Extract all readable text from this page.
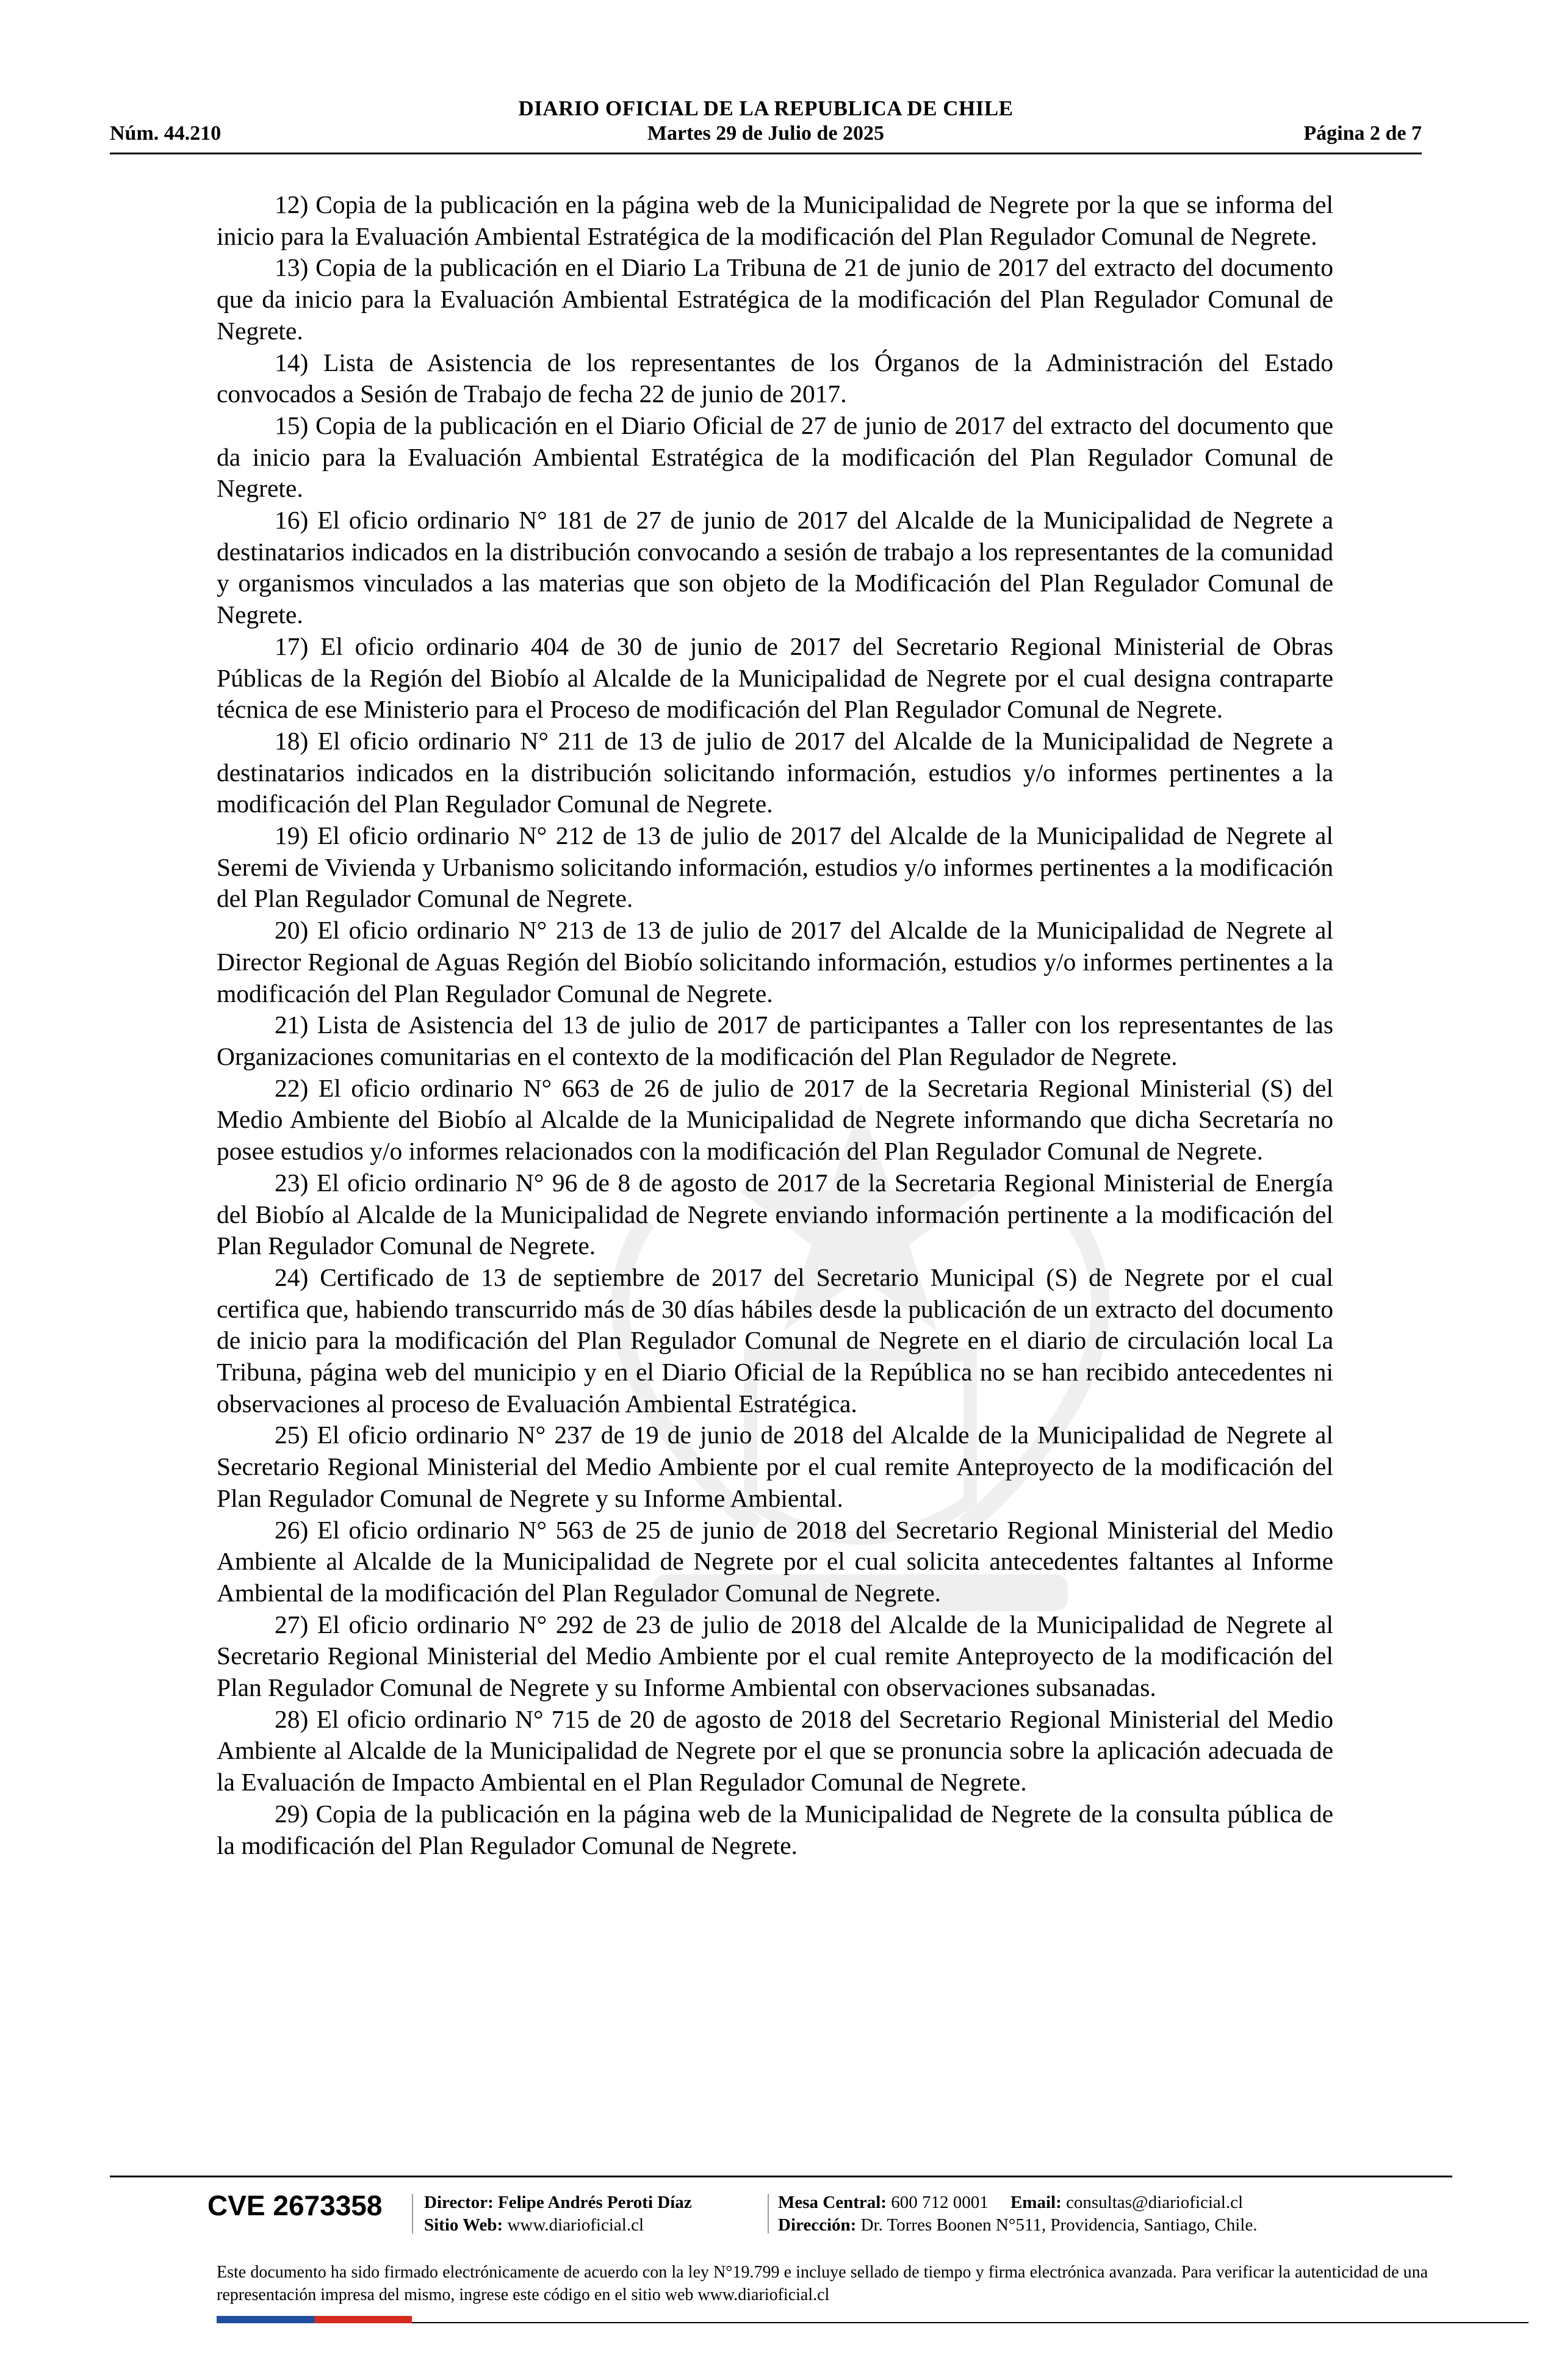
DIARIO OFICIAL DE LA REPUBLICA DE CHILE
Núm. 44.210	Página 2 de 7
Martes 29 de Julio de 2025

12) Copia de la publicación en la página web de la Municipalidad de Negrete por la que se informa del inicio para la Evaluación Ambiental Estratégica de la modificación del Plan Regulador Comunal de Negrete.

13) Copia de la publicación en el Diario La Tribuna de 21 de junio de 2017 del extracto del documento que da inicio para la Evaluación Ambiental Estratégica de la modificación del Plan Regulador Comunal de Negrete.

14) Lista de Asistencia de los representantes de los Órganos de la Administración del Estado convocados a Sesión de Trabajo de fecha 22 de junio de 2017.

15) Copia de la publicación en el Diario Oficial de 27 de junio de 2017 del extracto del documento que da inicio para la Evaluación Ambiental Estratégica de la modificación del Plan Regulador Comunal de Negrete.

16) El oficio ordinario N° 181 de 27 de junio de 2017 del Alcalde de la Municipalidad de Negrete a destinatarios indicados en la distribución convocando a sesión de trabajo a los representantes de la comunidad y organismos vinculados a las materias que son objeto de la Modificación del Plan Regulador Comunal de Negrete.

17) El oficio ordinario 404 de 30 de junio de 2017 del Secretario Regional Ministerial de Obras Públicas de la Región del Biobío al Alcalde de la Municipalidad de Negrete por el cual designa contraparte técnica de ese Ministerio para el Proceso de modificación del Plan Regulador Comunal de Negrete.

18) El oficio ordinario N° 211 de 13 de julio de 2017 del Alcalde de la Municipalidad de Negrete a destinatarios indicados en la distribución solicitando información, estudios y/o informes pertinentes a la modificación del Plan Regulador Comunal de Negrete.

19) El oficio ordinario N° 212 de 13 de julio de 2017 del Alcalde de la Municipalidad de Negrete al Seremi de Vivienda y Urbanismo solicitando información, estudios y/o informes pertinentes a la modificación del Plan Regulador Comunal de Negrete.

20) El oficio ordinario N° 213 de 13 de julio de 2017 del Alcalde de la Municipalidad de Negrete al Director Regional de Aguas Región del Biobío solicitando información, estudios y/o informes pertinentes a la modificación del Plan Regulador Comunal de Negrete.

21) Lista de Asistencia del 13 de julio de 2017 de participantes a Taller con los representantes de las Organizaciones comunitarias en el contexto de la modificación del Plan Regulador de Negrete.

22) El oficio ordinario N° 663 de 26 de julio de 2017 de la Secretaria Regional Ministerial (S) del Medio Ambiente del Biobío al Alcalde de la Municipalidad de Negrete informando que dicha Secretaría no posee estudios y/o informes relacionados con la modificación del Plan Regulador Comunal de Negrete.

23) El oficio ordinario N° 96 de 8 de agosto de 2017 de la Secretaria Regional Ministerial de Energía del Biobío al Alcalde de la Municipalidad de Negrete enviando información pertinente a la modificación del Plan Regulador Comunal de Negrete.

24) Certificado de 13 de septiembre de 2017 del Secretario Municipal (S) de Negrete por el cual certifica que, habiendo transcurrido más de 30 días hábiles desde la publicación de un extracto del documento de inicio para la modificación del Plan Regulador Comunal de Negrete en el diario de circulación local La Tribuna, página web del municipio y en el Diario Oficial de la República no se han recibido antecedentes ni observaciones al proceso de Evaluación Ambiental Estratégica.

25) El oficio ordinario N° 237 de 19 de junio de 2018 del Alcalde de la Municipalidad de Negrete al Secretario Regional Ministerial del Medio Ambiente por el cual remite Anteproyecto de la modificación del Plan Regulador Comunal de Negrete y su Informe Ambiental.

26) El oficio ordinario N° 563 de 25 de junio de 2018 del Secretario Regional Ministerial del Medio Ambiente al Alcalde de la Municipalidad de Negrete por el cual solicita antecedentes faltantes al Informe Ambiental de la modificación del Plan Regulador Comunal de Negrete.

27) El oficio ordinario N° 292 de 23 de julio de 2018 del Alcalde de la Municipalidad de Negrete al Secretario Regional Ministerial del Medio Ambiente por el cual remite Anteproyecto de la modificación del Plan Regulador Comunal de Negrete y su Informe Ambiental con observaciones subsanadas.

28) El oficio ordinario N° 715 de 20 de agosto de 2018 del Secretario Regional Ministerial del Medio Ambiente al Alcalde de la Municipalidad de Negrete por el que se pronuncia sobre la aplicación adecuada de la Evaluación de Impacto Ambiental en el Plan Regulador Comunal de Negrete.

29) Copia de la publicación en la página web de la Municipalidad de Negrete de la consulta pública de la modificación del Plan Regulador Comunal de Negrete.

CVE 2673358 Director: Felipe Andrés Peroti Díaz
Sitio Web: www.diarioficial.cl
Mesa Central: 600 712 0001 Email: consultas@diarioficial.cl
Dirección: Dr. Torres Boonen N°511, Providencia, Santiago, Chile.
Este documento ha sido firmado electrónicamente de acuerdo con la ley N°19.799 e incluye sellado de tiempo y firma electrónica avanzada. Para verificar la autenticidad de una representación impresa del mismo, ingrese este código en el sitio web www.diarioficial.cl
